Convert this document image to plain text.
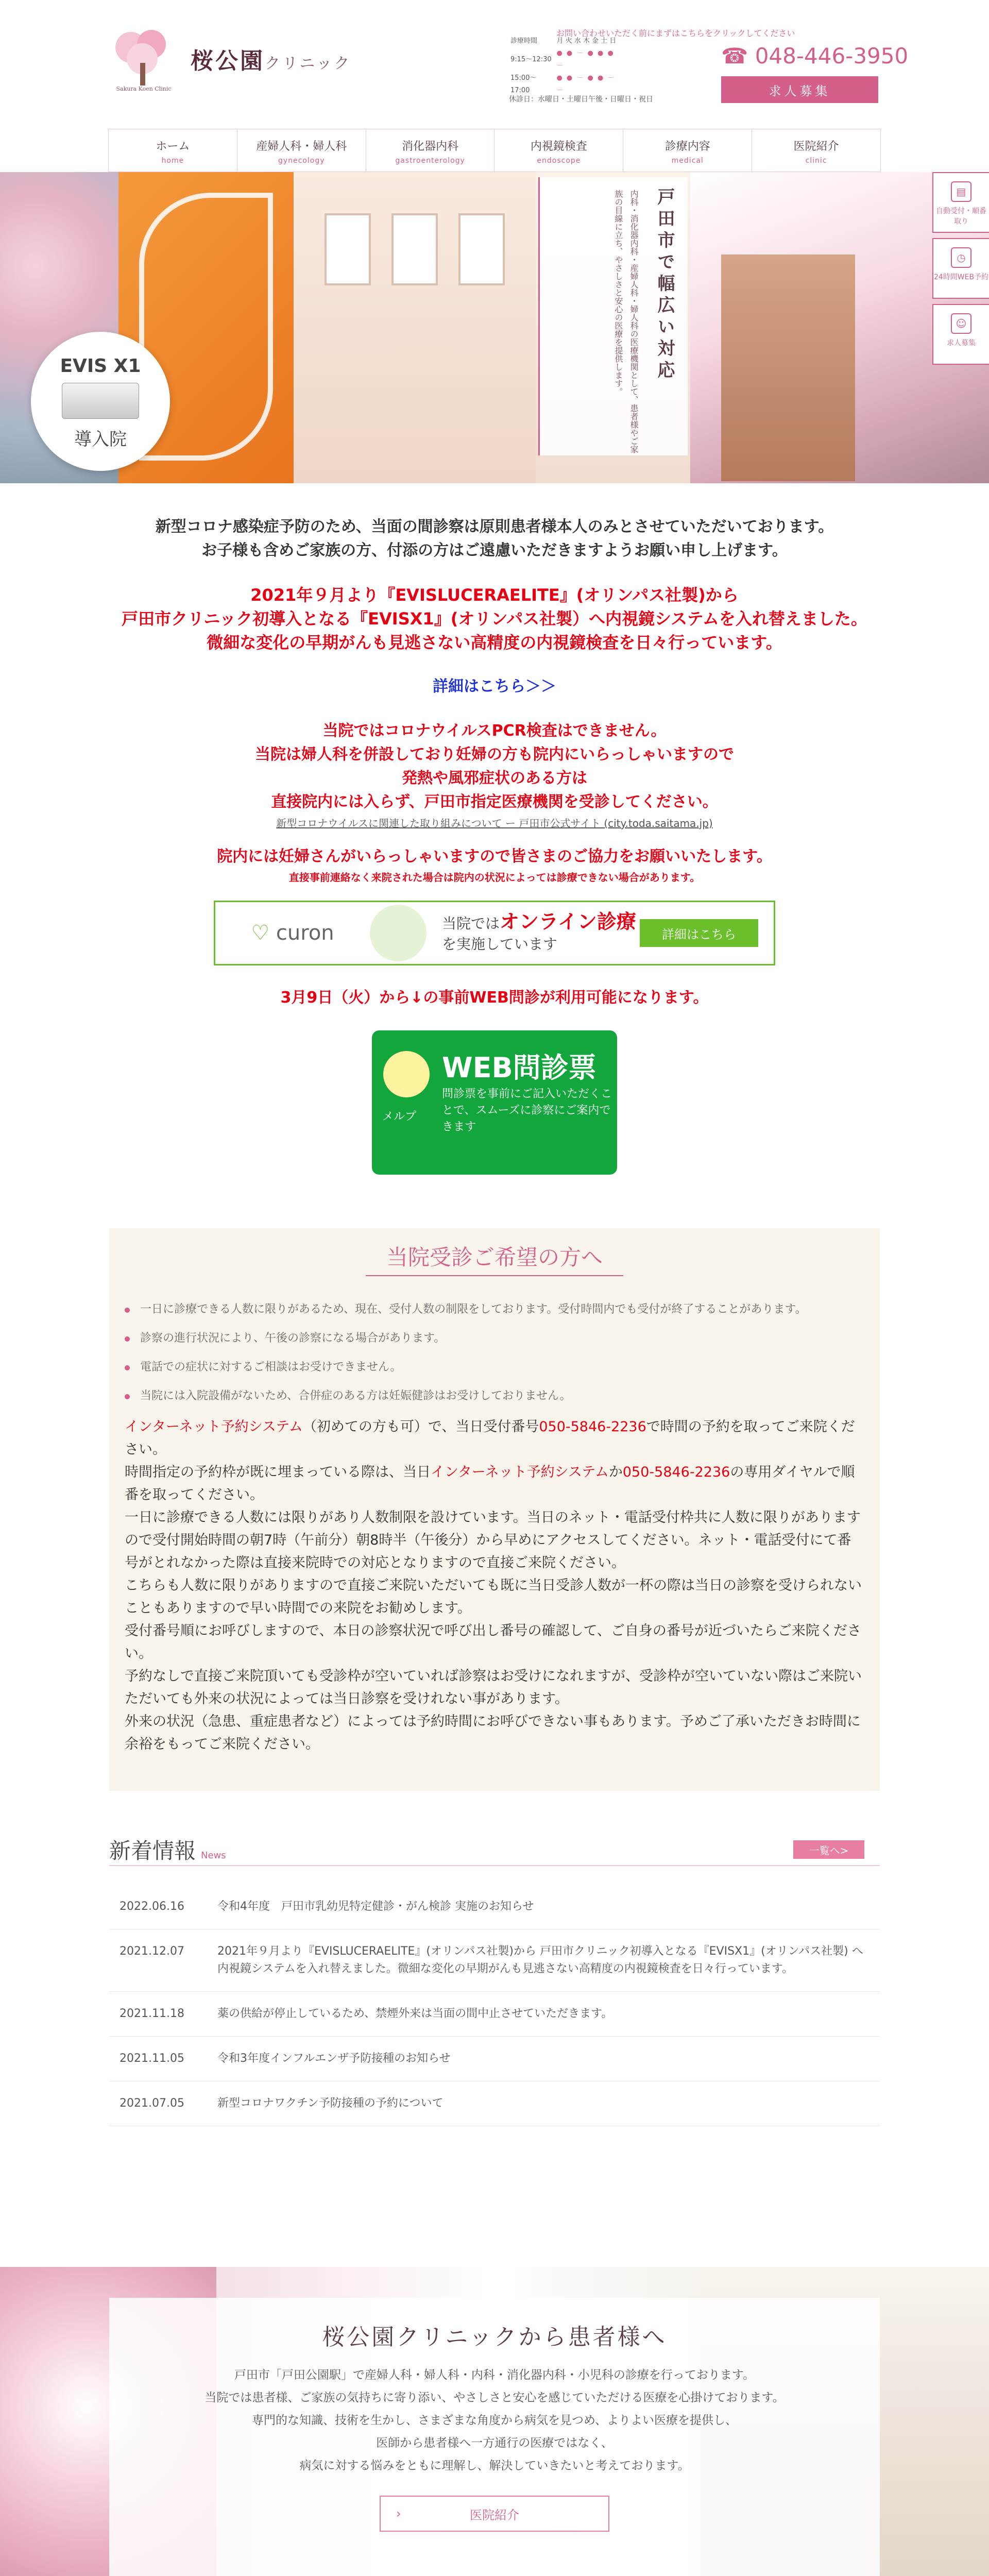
Sakura Koen Clinic
桜公園クリニック
お問い合わせいただく前にまずはこちらをクリックしてください
診療時間	月 火 水 木 金 土 日
9:15～12:30	● ● － ● ● ● －
15:00～17:00	● ● － ● ● － －
休診日：水曜日・土曜日午後・日曜日・祝日
☎ 048-446-3950
求人募集
ホーム
home
産婦人科・婦人科
gynecology
消化器内科
gastroenterology
内視鏡検査
endoscope
診療内容
medical
医院紹介
clinic
戸田市で幅広い対応
内科・消化器内科・産婦人科・婦人科の医療機関として、患者様やご家族の目線に立ち、やさしさと安心の医療を提供します。
EVIS X1
導入院
▤
自動受付・順番取り
◷
24時間WEB予約
☺
求人募集
新型コロナ感染症予防のため、当面の間診察は原則患者様本人のみとさせていただいております。
お子様も含めご家族の方、付添の方はご遠慮いただきますようお願い申し上げます。
2021年９月より『EVISLUCERAELITE』(オリンパス社製)から
戸田市クリニック初導入となる『EVISX1』(オリンパス社製）へ内視鏡システムを入れ替えました。
微細な変化の早期がんも見逃さない高精度の内視鏡検査を日々行っています。
詳細はこちら＞＞
当院ではコロナウイルスPCR検査はできません。
当院は婦人科を併設しており妊婦の方も院内にいらっしゃいますので
発熱や風邪症状のある方は
直接院内には入らず、戸田市指定医療機関を受診してください。
新型コロナウイルスに関連した取り組みについて ー 戸田市公式サイト (city.toda.saitama.jp)
院内には妊婦さんがいらっしゃいますので皆さまのご協力をお願いいたします。
直接事前連絡なく来院された場合は院内の状況によっては診療できない場合があります。
♡ curon	当院ではオンライン診療
を実施しています
詳細はこちら
3月9日（火）から↓の事前WEB問診が利用可能になります。
メルプ
WEB問診票
問診票を事前にご記入いただくことで、スムーズに診察にご案内できます
当院受診ご希望の方へ
一日に診療できる人数に限りがあるため、現在、受付人数の制限をしております。受付時間内でも受付が終了することがあります。
診察の進行状況により、午後の診察になる場合があります。
電話での症状に対するご相談はお受けできません。
当院には入院設備がないため、合併症のある方は妊娠健診はお受けしておりません。
インターネット予約システム（初めての方も可）で、当日受付番号050-5846-2236で時間の予約を取ってご来院ください。
時間指定の予約枠が既に埋まっている際は、当日インターネット予約システムか050-5846-2236の専用ダイヤルで順番を取ってください。
一日に診療できる人数には限りがあり人数制限を設けています。当日のネット・電話受付枠共に人数に限りがありますので受付開始時間の朝7時（午前分）朝8時半（午後分）から早めにアクセスしてください。ネット・電話受付にて番号がとれなかった際は直接来院時での対応となりますので直接ご来院ください。
こちらも人数に限りがありますので直接ご来院いただいても既に当日受診人数が一杯の際は当日の診察を受けられないこともありますので早い時間での来院をお勧めします。
受付番号順にお呼びしますので、本日の診察状況で呼び出し番号の確認して、ご自身の番号が近づいたらご来院ください。
予約なしで直接ご来院頂いても受診枠が空いていれば診察はお受けになれますが、受診枠が空いていない際はご来院いただいても外来の状況によっては当日診察を受けれない事があります。
外来の状況（急患、重症患者など）によっては予約時間にお呼びできない事もあります。予めご了承いただきお時間に余裕をもってご来院ください。
新着情報 News	一覧へ>
2022.06.16	令和4年度　戸田市乳幼児特定健診・がん検診 実施のお知らせ
2021.12.07	2021年９月より『EVISLUCERAELITE』(オリンパス社製)から 戸田市クリニック初導入となる『EVISX1』(オリンパス社製) へ内視鏡システムを入れ替えました。微細な変化の早期がんも見逃さない高精度の内視鏡検査を日々行っています。
2021.11.18	薬の供給が停止しているため、禁煙外来は当面の間中止させていただきます。
2021.11.05	令和3年度インフルエンザ予防接種のお知らせ
2021.07.05	新型コロナワクチン予防接種の予約について
桜公園クリニックから患者様へ

戸田市「戸田公園駅」で産婦人科・婦人科・内科・消化器内科・小児科の診療を行っております。
当院では患者様、ご家族の気持ちに寄り添い、やさしさと安心を感じていただける医療を心掛けております。
専門的な知識、技術を生かし、さまざまな角度から病気を見つめ、よりよい医療を提供し、
医師から患者様へ一方通行の医療ではなく、
病気に対する悩みをともに理解し、解決していきたいと考えております。

›	医院紹介
